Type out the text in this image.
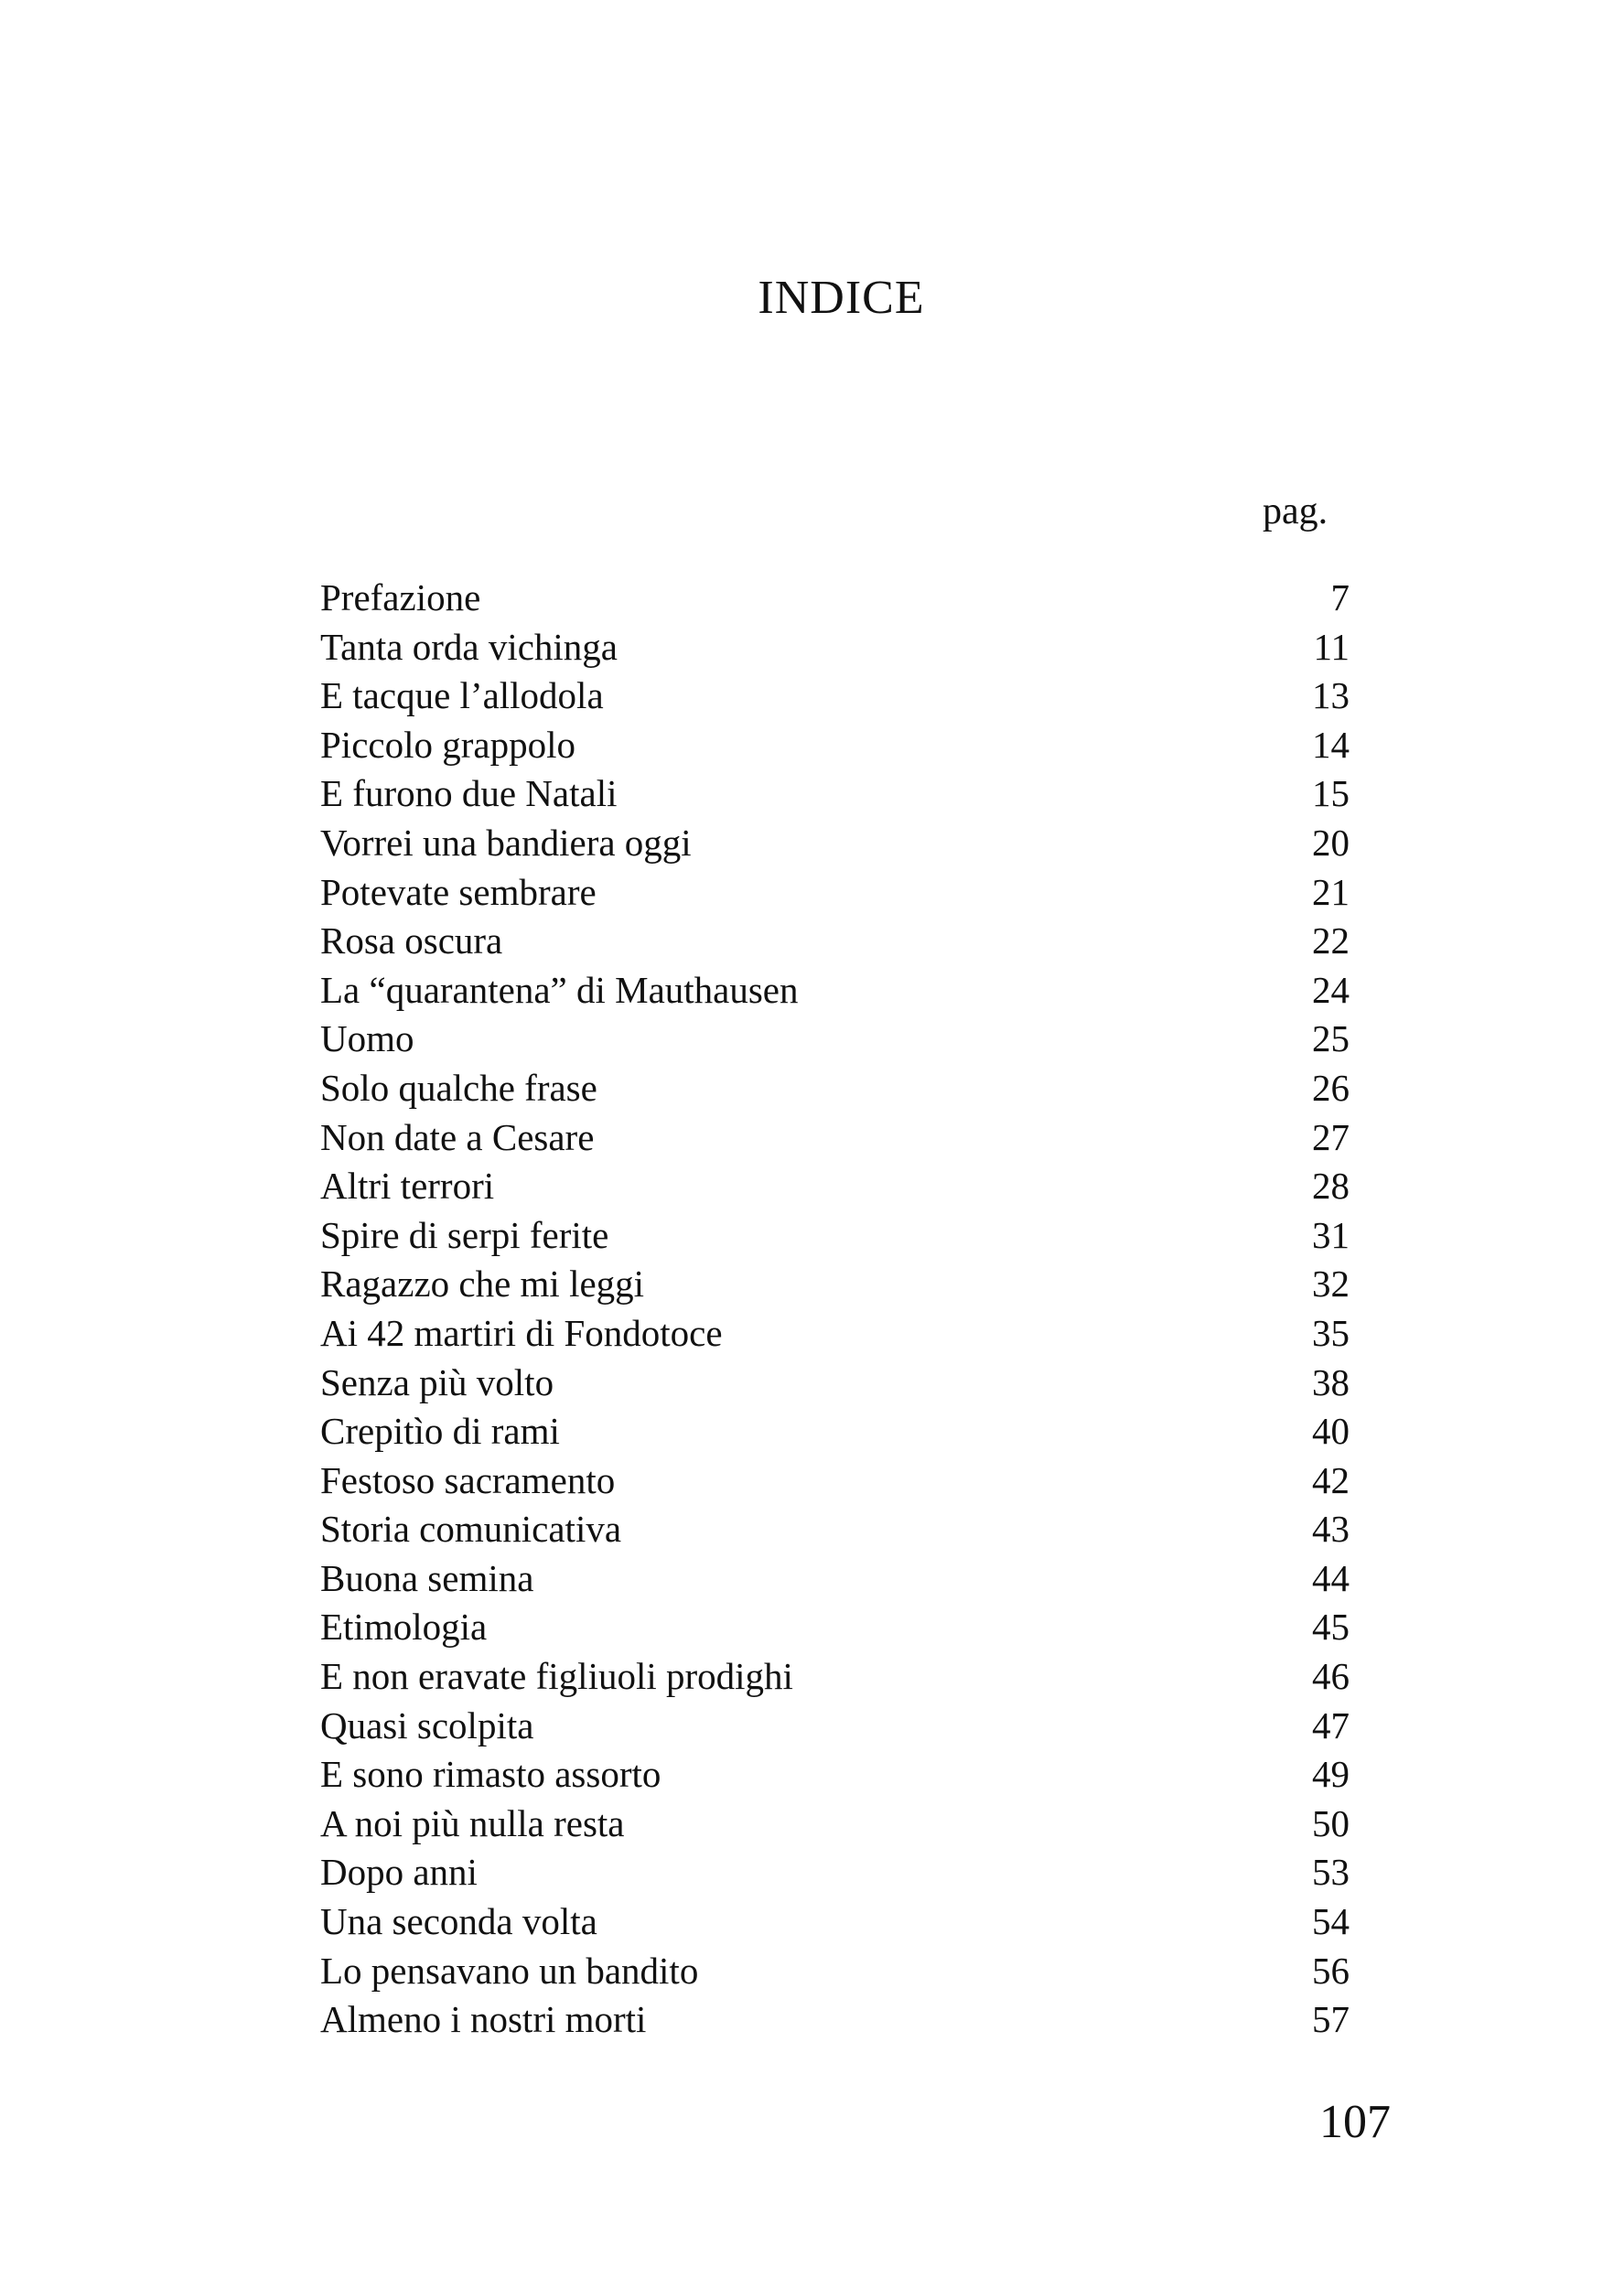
INDICE
pag.
Prefazione	7
Tanta orda vichinga	11
E tacque l’allodola	13
Piccolo grappolo	14
E furono due Natali	15
Vorrei una bandiera oggi	20
Potevate sembrare	21
Rosa oscura	22
La “quarantena” di Mauthausen	24
Uomo	25
Solo qualche frase	26
Non date a Cesare	27
Altri terrori	28
Spire di serpi ferite	31
Ragazzo che mi leggi	32
Ai 42 martiri di Fondotoce	35
Senza più volto	38
Crepitìo di rami	40
Festoso sacramento	42
Storia comunicativa	43
Buona semina	44
Etimologia	45
E non eravate figliuoli prodighi	46
Quasi scolpita	47
E sono rimasto assorto	49
A noi più nulla resta	50
Dopo anni	53
Una seconda volta	54
Lo pensavano un bandito	56
Almeno i nostri morti	57
107
